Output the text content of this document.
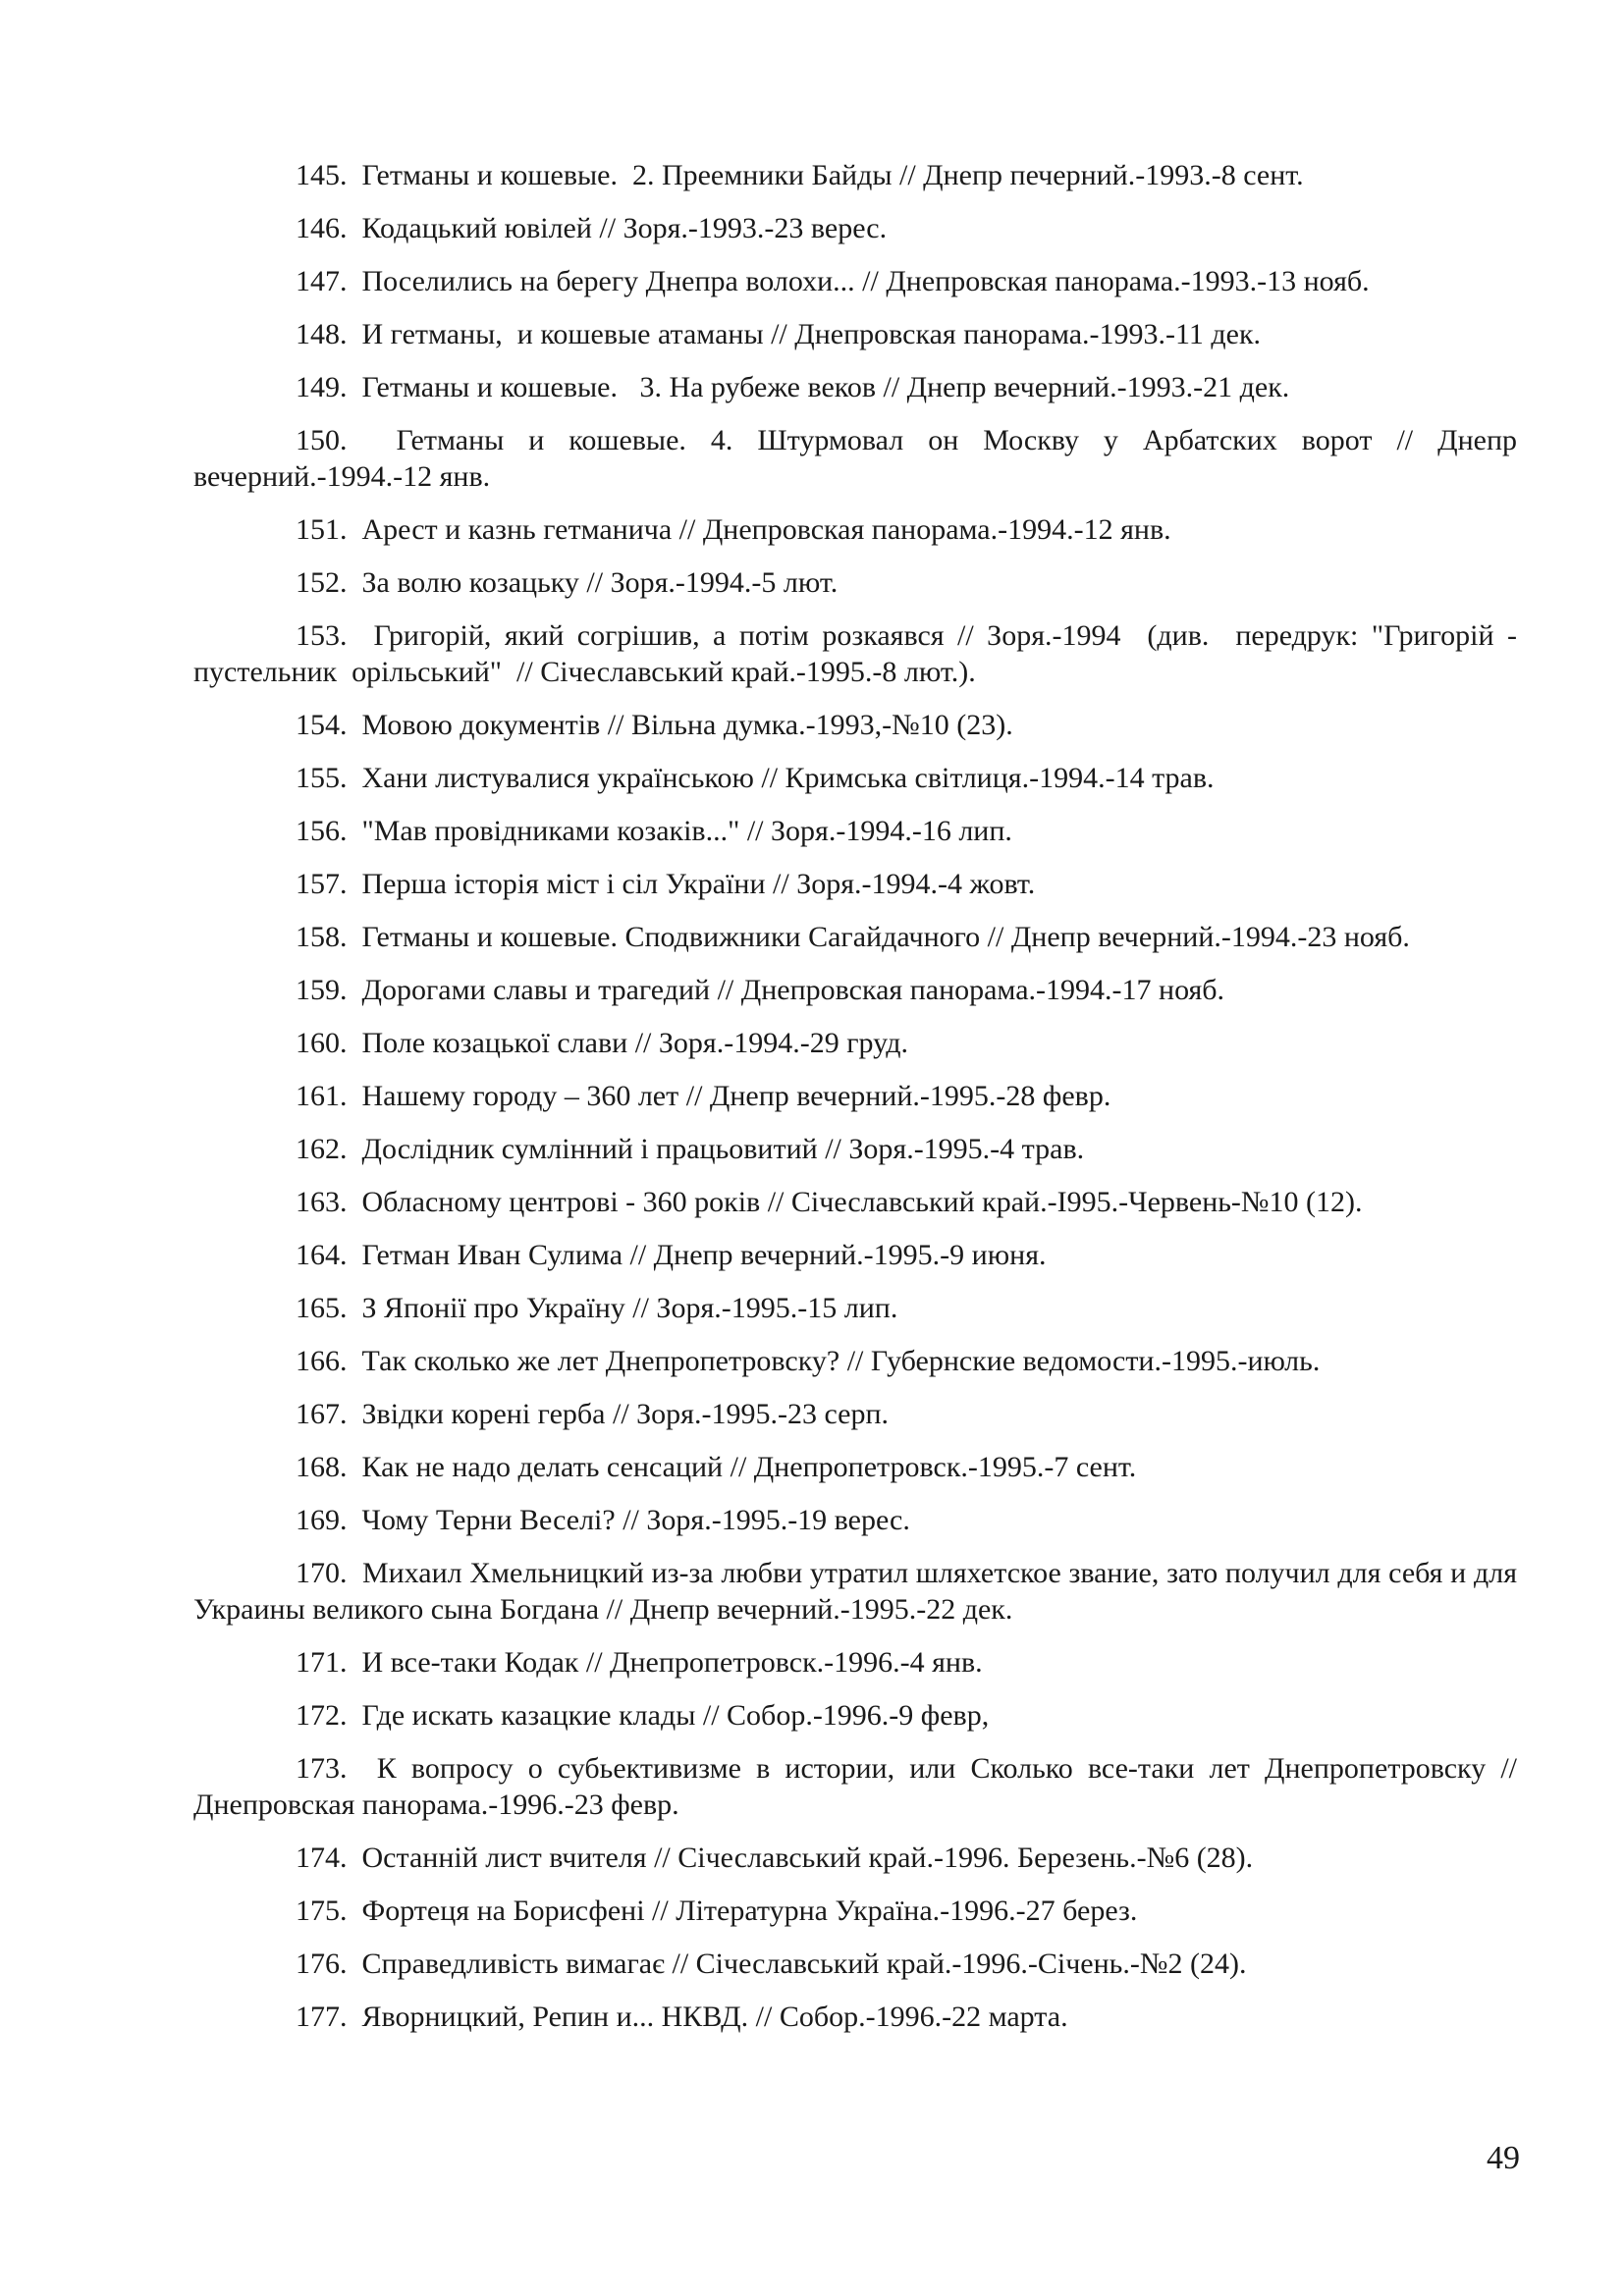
145. Гетманы и кошевые.  2. Преемники Байды // Днепр печерний.-1993.-8 сент.

146. Кодацький ювілей // Зоря.-1993.-23 верес.

147. Поселились на берегу Днепра волохи... // Днепровская панорама.-1993.-13 нояб.

148. И гетманы,  и кошевые атаманы // Днепровская панорама.-1993.-11 дек.

149. Гетманы и кошевые.   3. На рубеже веков // Днепр вечерний.-1993.-21 дек.

150. Гетманы и кошевые. 4. Штурмовал он Москву у Арбатских ворот // Днепр вечерний.-1994.-12 янв.

151. Арест и казнь гетманича // Днепровская панорама.-1994.-12 янв.

152. За волю козацьку // Зоря.-1994.-5 лют.

153. Григорій, який согрішив, а потім розкаявся // Зоря.-1994  (див.  передрук: "Григорій - пустельник  орільський"  // Січеславський край.-1995.-8 лют.).

154. Мовою документів // Вільна думка.-1993,-№10 (23).

155. Хани листувалися українською // Кримська світлиця.-1994.-14 трав.

156. "Мав провідниками козаків..." // Зоря.-1994.-16 лип.

157. Перша історія міст і сіл України // Зоря.-1994.-4 жовт.

158. Гетманы и кошевые. Сподвижники Сагайдачного // Днепр вечерний.-1994.-23 нояб.

159. Дорогами славы и трагедий // Днепровская панорама.-1994.-17 нояб.

160. Поле козацької слави // Зоря.-1994.-29 груд.

161. Нашему городу – 360 лет // Днепр вечерний.-1995.-28 февр.

162. Дослідник сумлінний і працьовитий // Зоря.-1995.-4 трав.

163. Обласному центрові - 360 років // Січеславський край.-І995.-Червень-№10 (12).

164. Гетман Иван Сулима // Днепр вечерний.-1995.-9 июня.

165. З Японії про Україну // Зоря.-1995.-15 лип.

166. Так сколько же лет Днепропетровску? // Губернские ведомости.-1995.-июль.

167. Звідки корені герба // Зоря.-1995.-23 серп.

168. Как не надо делать сенсаций // Днепропетровск.-1995.-7 сент.

169. Чому Терни Веселі? // Зоря.-1995.-19 верес.

170. Михаил Хмельницкий из-за любви утратил шляхетское звание, зато получил для себя и для Украины великого сына Богдана // Днепр вечерний.-1995.-22 дек.

171. И все-таки Кодак // Днепропетровск.-1996.-4 янв.

172. Где искать казацкие клады // Собор.-1996.-9 февр,

173. К вопросу о субьективизме в истории, или Сколько все-таки лет Днепропетровску // Днепровская панорама.-1996.-23 февр.

174. Останній лист вчителя // Січеславський край.-1996. Березень.-№6 (28).

175. Фортеця на Борисфені // Літературна Україна.-1996.-27 берез.

176. Справедливість вимагає // Січеславський край.-1996.-Січень.-№2 (24).

177. Яворницкий, Репин и... НКВД. // Собор.-1996.-22 марта.

49
